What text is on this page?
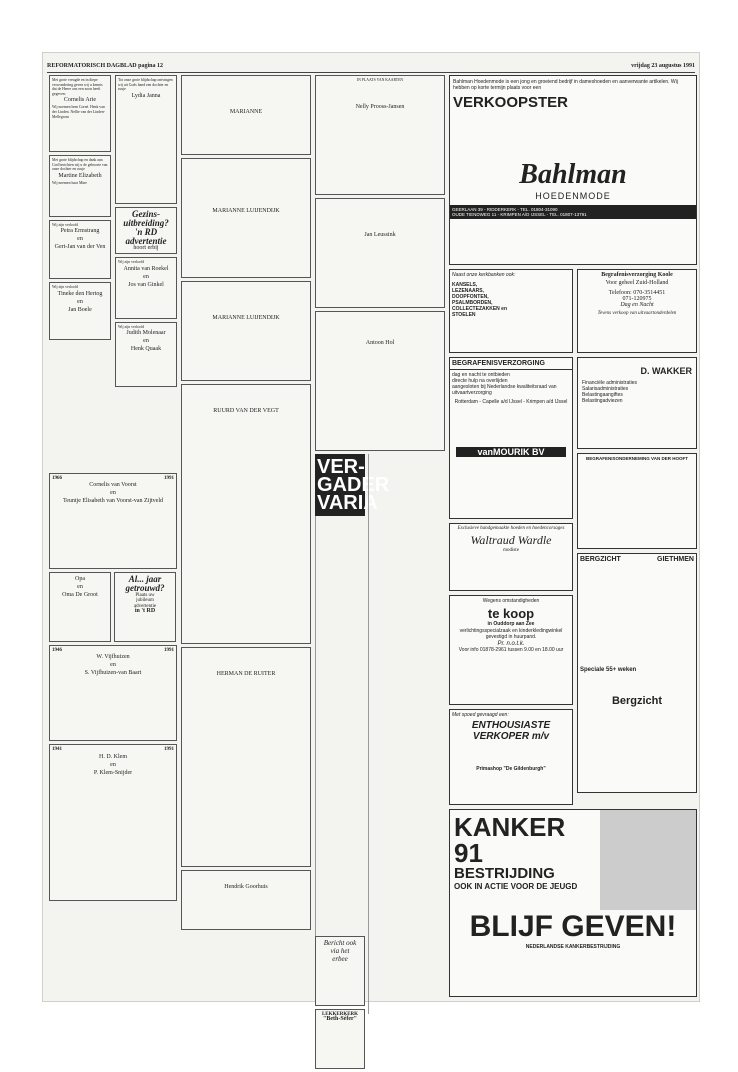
REFORMATORISCH DAGBLAD pagina 12	vrijdag 23 augustus 1991
Met grote vreugde en in diepe verwondering geven wij u kennis dat de Heere ons een zoon heeft gegeven:
Cornelis Arie
Wij noemen hem Cornè. Henk van der Linden. Nellie van der Linden-Mellegrom
Met grote blijdschap en dank aan God berichten wij u de geboorte van onze dochter en zusje
Martine Elizabeth
Wij noemen haar Mine
Wij zijn verloofd
Petra Ermstrang
en
Gert-Jan van der Ven
Wij zijn verloofd
Tineke den Hertog
en
Jan Boele
1966	1991
Cornelis van Voorst
en
Teuntje Elisabeth van Voorst-van Zijtveld
Opa
en
Oma De Groot
Al... jaar
getrouwd?
Plaats uw
jubileum
advertentie
in 't RD
1946	1991
W. Vijfhuizen
en
S. Vijfhuizen-van Baart
1941	1991
H. D. Klem
en
P. Klem-Snijder
Tot onze grote blijdschap ontvingen wij uit Gods hand een dochter en zusje
Lydia Janna
Gezins-
uitbreiding?
'n RD
advertentie
hoort erbij
Wij zijn verloofd
Annita van Roekel
en
Jos van Ginkel
Wij zijn verloofd
Judith Molenaar
en
Henk Quaak
MARIANNE
MARIANNE LUIJENDIJK
MARIANNE LUIJENDIJK
RUURD VAN DER VEGT
HERMAN DE RUITER
Hendrik Goorhuis
IN PLAATS VAN KAARTEN
Nelly Prooss-Jansen
Jan Leussink
Antoon Hol
VER-
GADER
VARIA
Bericht ook
via het
erbee
LEKKERKERK
"Beth-Séfer"
Bahlman Hoedenmode is een jong en groeiend bedrijf in dameshoeden en aanverwante artikelen. Wij hebben op korte termijn plaats voor een
VERKOOPSTER
Bahlman
HOEDENMODE
GEERLAAN 39 - RIDDERKERK - TEL. 01804-31090
OUDE TIENDWEG 11 - KRIMPEN A/D IJSSEL - TEL. 01807-13791
Naast onze kerkbanken ook:
KANSELS, LEZENAARS, DOOPFONTEN, PSALMBORDEN, COLLECTEZAKKEN en STOELEN
Begrafenisverzorging Koole
Voor geheel Zuid-Holland
Telefoon: 070-3514451
071-120975
Dag en Nacht
Tevens verkoop van uitvaartonderdelen
BEGRAFENISVERZORGING
dag en nacht te ontbieden
directe hulp na overlijden
aangesloten bij Nederlandse kwaliteitsraad van uitvaartverzorging
Rotterdam - Capelle a/d IJssel - Krimpen a/d IJssel
vanMOURIK BV
D. WAKKER
Financiële administraties
Salarisadministraties
Belastingaangiftes
Belastingadviezen
BEGRAFENISONDERNEMING VAN DER HOOFT
Exclusieve handgemaakte hoeden en hoedencorsages
Waltraud Wardle
modiste
Wegens omstandigheden
te koop
in Ouddorp aan Zee
verlichtingsspecialzaak en kinderkledingwinkel gevestigd in huurpand.
Pr. n.o.t.k.
Voor info 01878-2961 tussen 9.00 en 18.00 uur
BERGZICHT	GIETHMEN
Speciale 55+ weken
Bergzicht
Met spoed gevraagd een:
ENTHOUSIASTE
VERKOPER m/v
Primashop "De Gildenburgh"
KANKER 91
BESTRIJDING
OOK IN ACTIE VOOR DE JEUGD
BLIJF GEVEN!
NEDERLANDSE KANKERBESTRIJDING
